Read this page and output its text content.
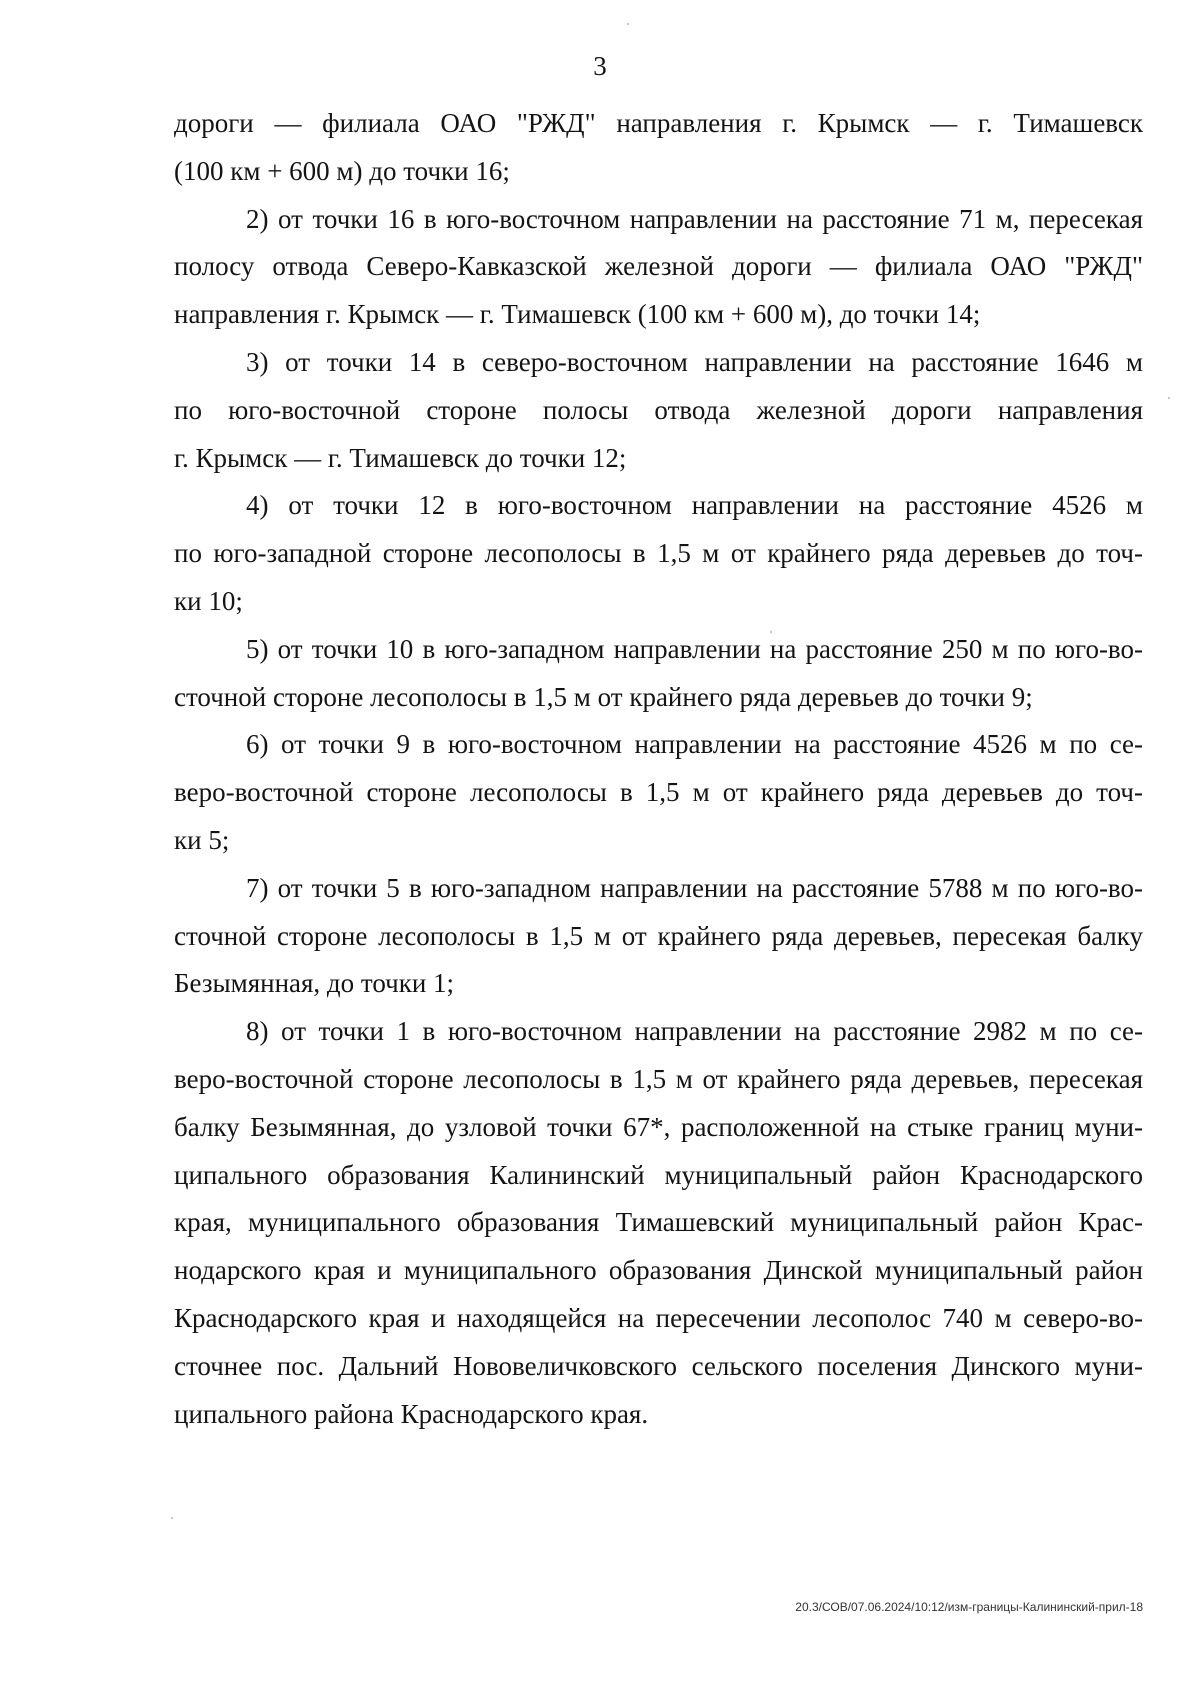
3
дороги — филиала ОАО "РЖД" направления г. Крымск — г. Тимашевск
(100 км + 600 м) до точки 16;
2) от точки 16 в юго-восточном направлении на расстояние 71 м, пересекая
полосу отвода Северо-Кавказской железной дороги — филиала ОАО "РЖД"
направления г. Крымск — г. Тимашевск (100 км + 600 м), до точки 14;
3) от точки 14 в северо-восточном направлении на расстояние 1646 м
по юго-восточной стороне полосы отвода железной дороги направления
г. Крымск — г. Тимашевск до точки 12;
4) от точки 12 в юго-восточном направлении на расстояние 4526 м
по юго-западной стороне лесополосы в 1,5 м от крайнего ряда деревьев до точ-
ки 10;
5) от точки 10 в юго-западном направлении на расстояние 250 м по юго-во-
сточной стороне лесополосы в 1,5 м от крайнего ряда деревьев до точки 9;
6) от точки 9 в юго-восточном направлении на расстояние 4526 м по се-
веро-восточной стороне лесополосы в 1,5 м от крайнего ряда деревьев до точ-
ки 5;
7) от точки 5 в юго-западном направлении на расстояние 5788 м по юго-во-
сточной стороне лесополосы в 1,5 м от крайнего ряда деревьев, пересекая балку
Безымянная, до точки 1;
8) от точки 1 в юго-восточном направлении на расстояние 2982 м по се-
веро-восточной стороне лесополосы в 1,5 м от крайнего ряда деревьев, пересекая
балку Безымянная, до узловой точки 67*, расположенной на стыке границ муни-
ципального образования Калининский муниципальный район Краснодарского
края, муниципального образования Тимашевский муниципальный район Крас-
нодарского края и муниципального образования Динской муниципальный район
Краснодарского края и находящейся на пересечении лесополос 740 м северо-во-
сточнее пос. Дальний Нововеличковского сельского поселения Динского муни-
ципального района Краснодарского края.
20.3/СОВ/07.06.2024/10:12/изм-границы-Калининский-прил-18
